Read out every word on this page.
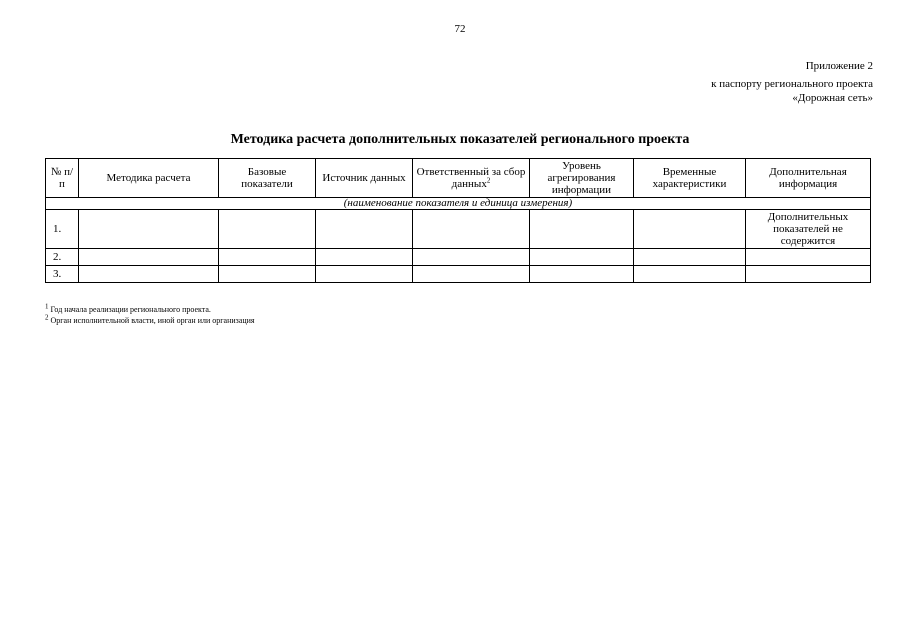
72
Приложение 2
к паспорту регионального проекта
«Дорожная сеть»
Методика расчета дополнительных показателей регионального проекта
№ п/п	Методика расчета	Базовые показатели	Источник данных	Ответственный за сбор данных$^2$	Уровень агрегирования информации	Временные характеристики	Дополнительная информация
(наименование показателя и единица измерения)							
1.							Дополнительных показателей не содержится
2.							
3.							
$^1$ Год начала реализации регионального проекта.
$^2$ Орган исполнительной власти, иной орган или организация
